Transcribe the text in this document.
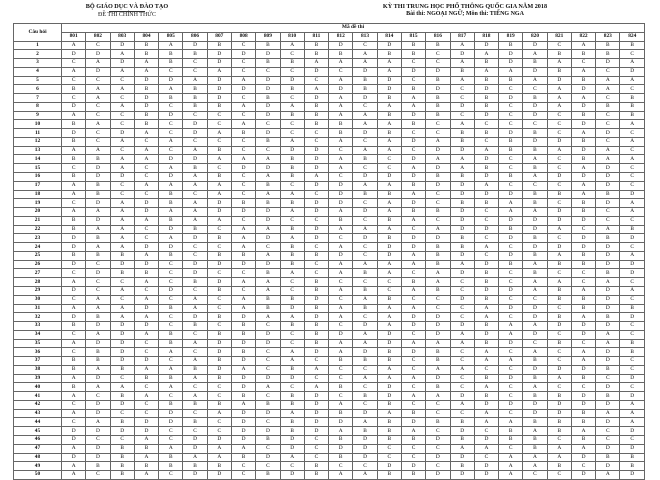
BỘ GIÁO DỤC VÀ ĐÀO TẠO
ĐỀ THI CHÍNH THỨC
KỲ THI TRUNG HỌC PHỔ THÔNG QUỐC GIA NĂM 2018
Bài thi: NGOẠI NGỮ; Môn thi: TIẾNG NGA
Câu hỏi	Mã đề thi																							
	801	802	803	804	805	806	807	808	809	810	811	812	813	814	815	816	817	818	819	820	821	822	823	824
1	A	C	D	B	A	D	B	C	B	A	B	D	C	D	B	B	A	D	B	D	C	A	B	B
2	D	D	A	B	B	B	D	D	D	C	B	B	A	B	B	C	D	A	D	A	B	B	B	C
3	C	A	D	A	B	C	D	C	B	B	A	A	A	A	C	C	A	B	D	B	A	C	D	A
4	A	D	A	A	C	C	A	C	C	C	D	C	D	A	D	D	B	A	A	D	B	A	C	D
5	C	C	C	D	D	A	D	A	D	D	C	A	B	D	C	B	A	B	B	A	D	B	A	A
6	B	A	A	B	A	B	D	D	D	B	A	D	B	D	B	D	C	D	C	C	A	D	A	C
7	C	A	C	D	B	B	D	C	B	C	D	A	D	B	A	B	C	B	D	B	A	A	C	B
8	D	C	A	D	C	B	B	A	D	A	B	A	C	A	A	B	D	B	C	D	A	D	B	B
9	A	C	C	B	D	C	C	C	D	B	B	A	A	B	D	B	C	D	C	D	C	B	C	B
10	B	A	C	B	C	D	C	A	C	C	B	B	A	A	B	C	A	C	C	C	C	D	C	A
11	D	C	D	A	C	D	A	B	D	C	C	B	D	B	C	C	B	B	D	B	C	A	D	C
12	B	C	A	C	A	C	C	C	B	A	C	A	C	A	D	A	B	C	B	D	D	B	C	A
13	A	A	C	A	C	A	B	C	C	D	D	C	A	A	C	D	D	A	B	B	A	D	A	C
14	B	B	A	A	D	D	A	A	A	B	D	A	B	C	D	A	A	D	C	A	C	B	A	A
15	C	D	A	C	A	B	C	D	D	B	D	A	C	C	A	D	A	B	C	B	C	A	D	C
16	B	D	D	C	D	A	B	C	A	B	A	C	D	D	D	B	B	D	B	A	D	D	D	C
17	A	B	C	A	A	A	A	C	B	C	D	D	A	A	B	D	D	A	C	C	C	A	D	C
18	A	B	C	C	B	C	A	C	A	A	C	D	B	B	A	C	D	D	D	B	B	A	B	D
19	C	D	A	D	B	A	D	B	B	B	D	D	C	A	D	C	B	B	A	B	C	B	D	A
20	A	A	A	D	A	A	D	D	D	A	D	A	D	A	B	B	D	C	A	A	D	B	C	A
21	B	D	A	A	B	A	A	C	D	C	C	B	C	B	A	C	D	C	D	D	D	D	C	C
22	B	A	A	C	D	B	C	A	A	B	D	A	A	A	C	A	D	D	B	D	A	C	A	B
23	D	B	A	C	A	D	B	A	D	A	D	C	D	B	D	D	B	C	D	B	C	D	B	D
24	D	A	A	D	D	C	C	A	C	B	C	A	C	D	D	B	B	A	C	D	D	D	D	C
25	B	B	B	A	B	C	B	B	A	B	B	D	C	D	A	B	D	C	D	B	A	B	D	A
26	D	C	D	D	C	D	D	D	D	B	C	A	A	A	A	B	A	D	B	A	B	B	D	D
27	C	D	B	B	C	D	C	C	B	A	C	A	B	A	C	A	D	B	C	B	C	C	B	D
28	A	C	C	A	C	B	D	A	A	C	B	C	C	C	B	A	C	B	C	A	A	C	A	C
29	D	C	A	C	D	C	B	C	A	C	B	A	B	C	A	B	C	D	D	A	B	A	D	A
30	C	A	C	A	C	A	C	A	B	B	D	C	A	B	C	C	D	B	C	C	B	B	D	C
31	A	A	A	D	B	A	C	A	B	D	B	A	B	A	A	C	C	A	D	D	C	B	D	B
32	D	B	A	A	C	D	B	D	A	A	D	A	C	A	D	D	C	A	C	D	B	A	B	D
33	B	D	D	D	C	B	C	B	C	B	B	C	D	A	D	D	D	B	A	A	D	D	D	C
34	C	A	D	A	B	C	B	B	D	C	B	D	A	D	C	D	A	D	A	D	C	D	A	C
35	A	D	D	C	B	A	D	D	D	C	B	A	A	D	A	A	A	B	D	C	B	C	A	B
36	C	B	D	C	A	C	D	B	C	A	D	A	D	B	D	B	C	A	C	A	C	A	D	B
37	B	B	D	D	C	A	B	D	C	A	C	B	B	B	C	B	C	A	A	B	C	A	D	C
38	B	A	B	A	A	B	D	A	C	B	A	C	C	A	C	A	A	C	C	D	D	D	B	C
39	A	D	C	B	B	A	B	D	D	D	C	C	A	A	A	D	C	B	D	B	A	B	C	D
40	B	A	A	C	A	C	C	D	A	C	A	B	C	D	C	B	C	A	C	A	C	C	D	C
41	A	C	B	A	C	A	C	B	C	B	D	C	B	D	A	A	D	B	C	B	B	D	B	D
42	C	D	D	C	B	B	B	A	B	B	D	A	C	B	C	C	A	D	D	D	D	D	D	A
43	A	D	C	C	D	C	A	D	D	A	D	B	D	A	B	C	C	A	C	D	D	B	A	A
44	C	A	B	D	D	B	C	D	C	B	D	D	A	B	D	B	B	A	A	B	B	B	D	A
45	D	D	D	D	C	C	C	D	D	B	D	A	B	B	A	C	D	C	B	A	B	A	C	D
46	D	C	C	A	C	D	D	D	B	D	C	B	D	B	B	D	B	D	B	B	C	B	C	C
47	A	D	B	B	A	D	A	A	C	D	C	D	D	C	C	C	A	A	C	B	A	A	D	D
48	D	D	B	A	B	A	A	B	D	A	C	B	D	C	C	D	D	C	A	A	A	D	B	B
49	A	B	B	B	B	B	B	C	C	C	B	C	C	D	D	C	B	D	A	A	B	C	D	B
50	A	C	B	A	C	D	D	C	B	D	B	A	A	B	B	D	D	D	A	C	C	D	A	D
